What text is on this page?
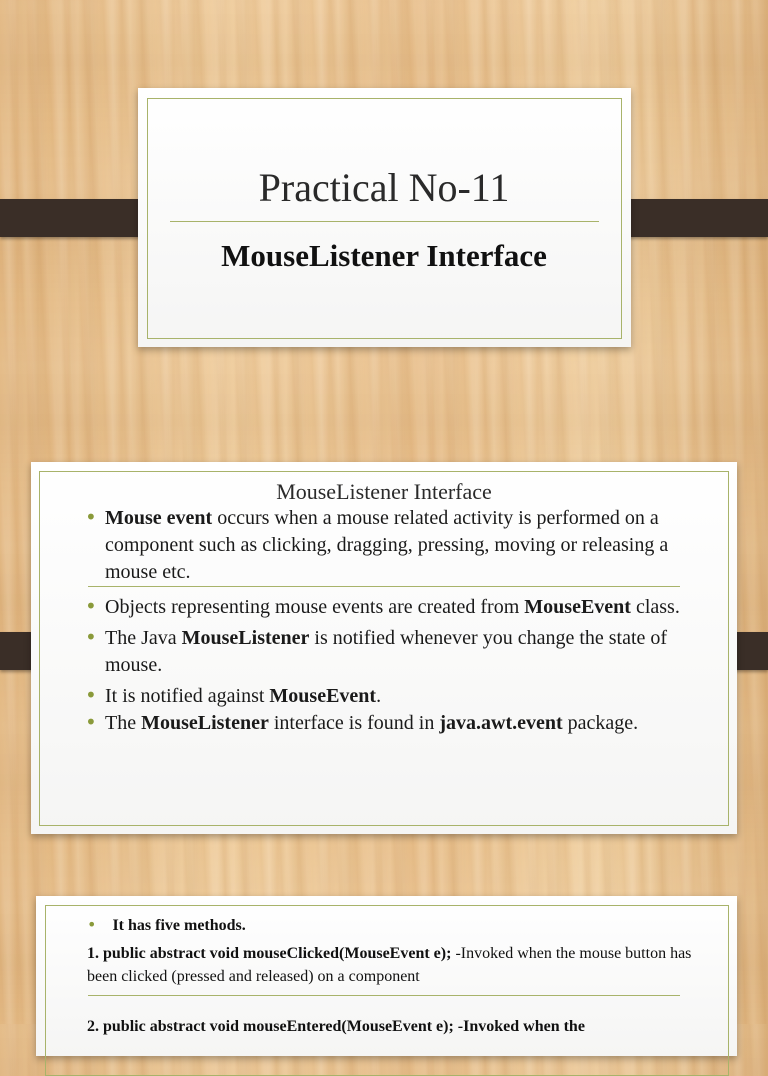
Practical No-11
MouseListener Interface
MouseListener Interface
• Mouse event occurs when a mouse related activity is performed on a component such as clicking, dragging, pressing, moving or releasing a mouse etc.
• Objects representing mouse events are created from MouseEvent class.
• The Java MouseListener is notified whenever you change the state of mouse.
• It is notified against MouseEvent.
• The MouseListener interface is found in java.awt.event package.
• It has five methods.
1. public abstract void mouseClicked(MouseEvent e); -Invoked when the mouse button has been clicked (pressed and released) on a component
2. public abstract void mouseEntered(MouseEvent e); -Invoked when the
